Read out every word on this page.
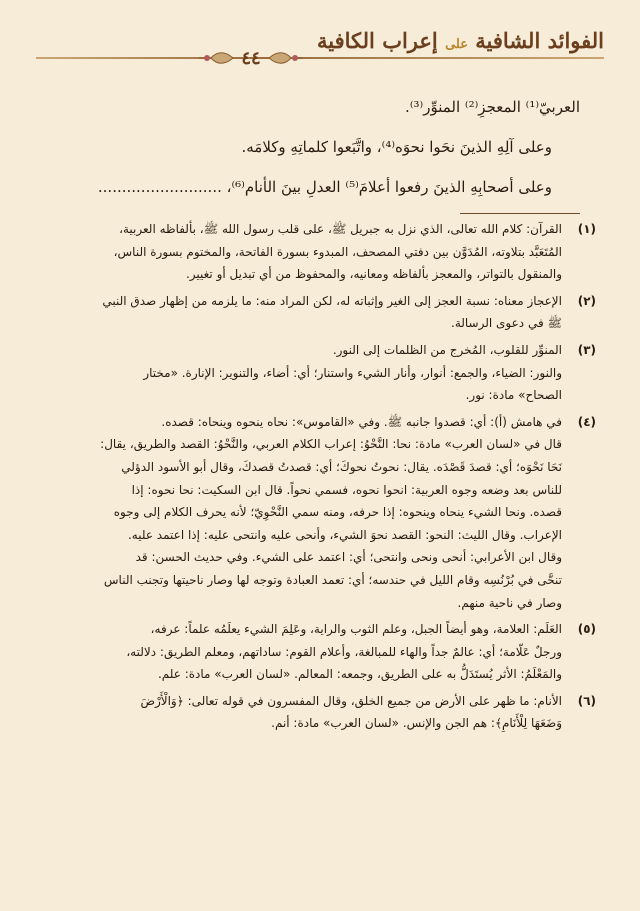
الفوائد الشافية على إعراب الكافية
٤٤

العربيّ⁽¹⁾ المعجزِ⁽²⁾ المنوِّر⁽³⁾.

وعلى آلِهِ الذينَ نحَوا نحوَه⁽⁴⁾، واتَّبَعوا كلماتِهِ وكلامَه.

وعلى أصحابِهِ الذينَ رفعوا أعلامَ⁽⁵⁾ العدلِ بينَ الأنام⁽⁶⁾، ..........................

(١)
القرآن: كلام الله تعالى، الذي نزل به جبريل ﷺ، على قلب رسول الله ﷺ، بألفاظه العربية،
المُتَعَبَّد بتلاوته، المُدَوَّن بين دفتي المصحف، المبدوء بسورة الفاتحة، والمختوم بسورة الناس،
والمنقول بالتواتر، والمعجز بألفاظه ومعانيه، والمحفوظ من أي تبديل أو تغيير.
(٢)
الإعجاز معناه: نسبة العجز إلى الغير وإثباته له، لكن المراد منه: ما يلزمه من إظهار صدق النبي
ﷺ في دعوى الرسالة.
(٣)
المنوِّر للقلوب، المُخرج من الظلمات إلى النور.
والنور: الضياء، والجمع: أنوار، وأنار الشيء واستنار؛ أي: أضاء، والتنوير: الإنارة. «مختار
الصحاح» مادة: نور.
(٤)
في هامش (أ): أي: قصدوا جانبه ﷺ. وفي «القاموس»: نحاه ينحوه وينحاه: قصده.
قال في «لسان العرب» مادة: نحا: النَّحْوُ: إعراب الكلام العربي، والنَّحْوُ: القصد والطريق، يقال:
نَحَا نَحْوَه؛ أي: قصدَ قَصْدَه. يقال: نحوتُ نحوكَ؛ أي: قصدتُ قصدكَ، وقال أبو الأسود الدؤلي
للناس بعد وضعه وجوه العربية: انحوا نحوه، فسمي نحواً. قال ابن السكيت: نحا نحوه: إذا
قصده. ونحا الشيء ينحاه وينحوه: إذا حرفه، ومنه سمي النَّحْوِيّ؛ لأنه يحرف الكلام إلى وجوه
الإعراب. وقال الليث: النحو: القصد نحوَ الشيء، وأنحى عليه وانتحى عليه: إذا اعتمد عليه.
وقال ابن الأعرابي: أنحى ونحى وانتحى؛ أي: اعتمد على الشيء. وفي حديث الحسن: قد
تنحَّى في بُرْنُسِه وقام الليل في حندسه؛ أي: تعمد العبادة وتوجه لها وصار ناحيتها وتجنب الناس
وصار في ناحية منهم.
(٥)
العَلَم: العلامة، وهو أيضاً الجبل، وعلم الثوب والراية، وعَلِمَ الشيء يعلَمُه علماً: عرفه،
ورجلٌ عَلّامة؛ أي: عالمٌ جداً والهاء للمبالغة، وأعلام القوم: ساداتهم، ومعلم الطريق: دلالته،
والمَعْلَمُ: الأثر يُستَدَلُّ به على الطريق، وجمعه: المعالم. «لسان العرب» مادة: علم.
(٦)
الأنام: ما ظهر على الأرض من جميع الخلق، وقال المفسرون في قوله تعالى: ﴿وَالْأَرْضَ
وَضَعَهَا لِلْأَنَامِ﴾: هم الجن والإنس. «لسان العرب» مادة: أنم.
